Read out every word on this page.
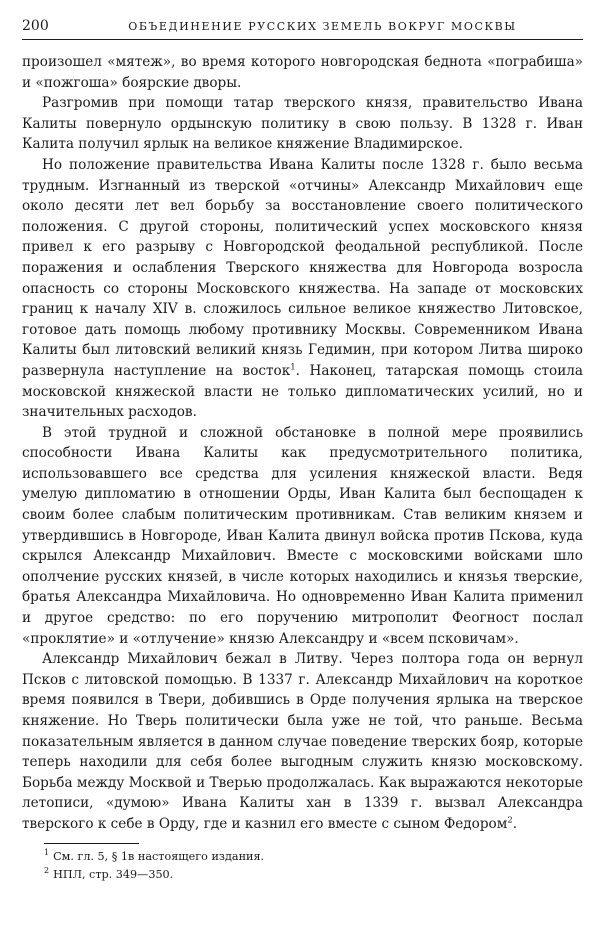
200	ОБЪЕДИНЕНИЕ РУССКИХ ЗЕМЕЛЬ ВОКРУГ МОСКВЫ

произошел «мятеж», во время которого новгородская беднота «пограбиша» и «пожгоша» боярские дворы.

Разгромив при помощи татар тверского князя, правительство Ивана Калиты повернуло ордынскую политику в свою пользу. В 1328 г. Иван Калита получил ярлык на великое княжение Владимирское.

Но положение правительства Ивана Калиты после 1328 г. было весьма трудным. Изгнанный из тверской «отчины» Александр Михайлович еще около десяти лет вел борьбу за восстановление своего политического положения. С другой стороны, политический успех московского князя привел к его разрыву с Новгородской феодальной республикой. После поражения и ослабления Тверского княжества для Новгорода возросла опасность со стороны Московского княжества. На западе от московских границ к началу XIV в. сложилось сильное великое княжество Литовское, готовое дать помощь любому противнику Москвы. Современником Ивана Калиты был литовский великий князь Гедимин, при котором Литва широко развернула наступление на восток$^1$. Наконец, татарская помощь стоила московской княжеской власти не только дипломатических усилий, но и значительных расходов.

В этой трудной и сложной обстановке в полной мере проявились способности Ивана Калиты как предусмотрительного политика, использовавшего все средства для усиления княжеской власти. Ведя умелую дипломатию в отношении Орды, Иван Калита был беспощаден к своим более слабым политическим противникам. Став великим князем и утвердившись в Новгороде, Иван Калита двинул войска против Пскова, куда скрылся Александр Михайлович. Вместе с московскими войсками шло ополчение русских князей, в числе которых находились и князья тверские, братья Александра Михайловича. Но одновременно Иван Калита применил и другое средство: по его поручению митрополит Феогност послал «проклятие» и «отлучение» князю Александру и «всем псковичам».

Александр Михайлович бежал в Литву. Через полтора года он вернул Псков с литовской помощью. В 1337 г. Александр Михайлович на короткое время появился в Твери, добившись в Орде получения ярлыка на тверское княжение. Но Тверь политически была уже не той, что раньше. Весьма показательным является в данном случае поведение тверских бояр, которые теперь находили для себя более выгодным служить князю московскому. Борьба между Москвой и Тверью продолжалась. Как выражаются некоторые летописи, «думою» Ивана Калиты хан в 1339 г. вызвал Александра тверского к себе в Орду, где и казнил его вместе с сыном Федором$^2$.

$^1$ См. гл. 5, § 1в настоящего издания.
$^2$ НПЛ, стр. 349—350.
